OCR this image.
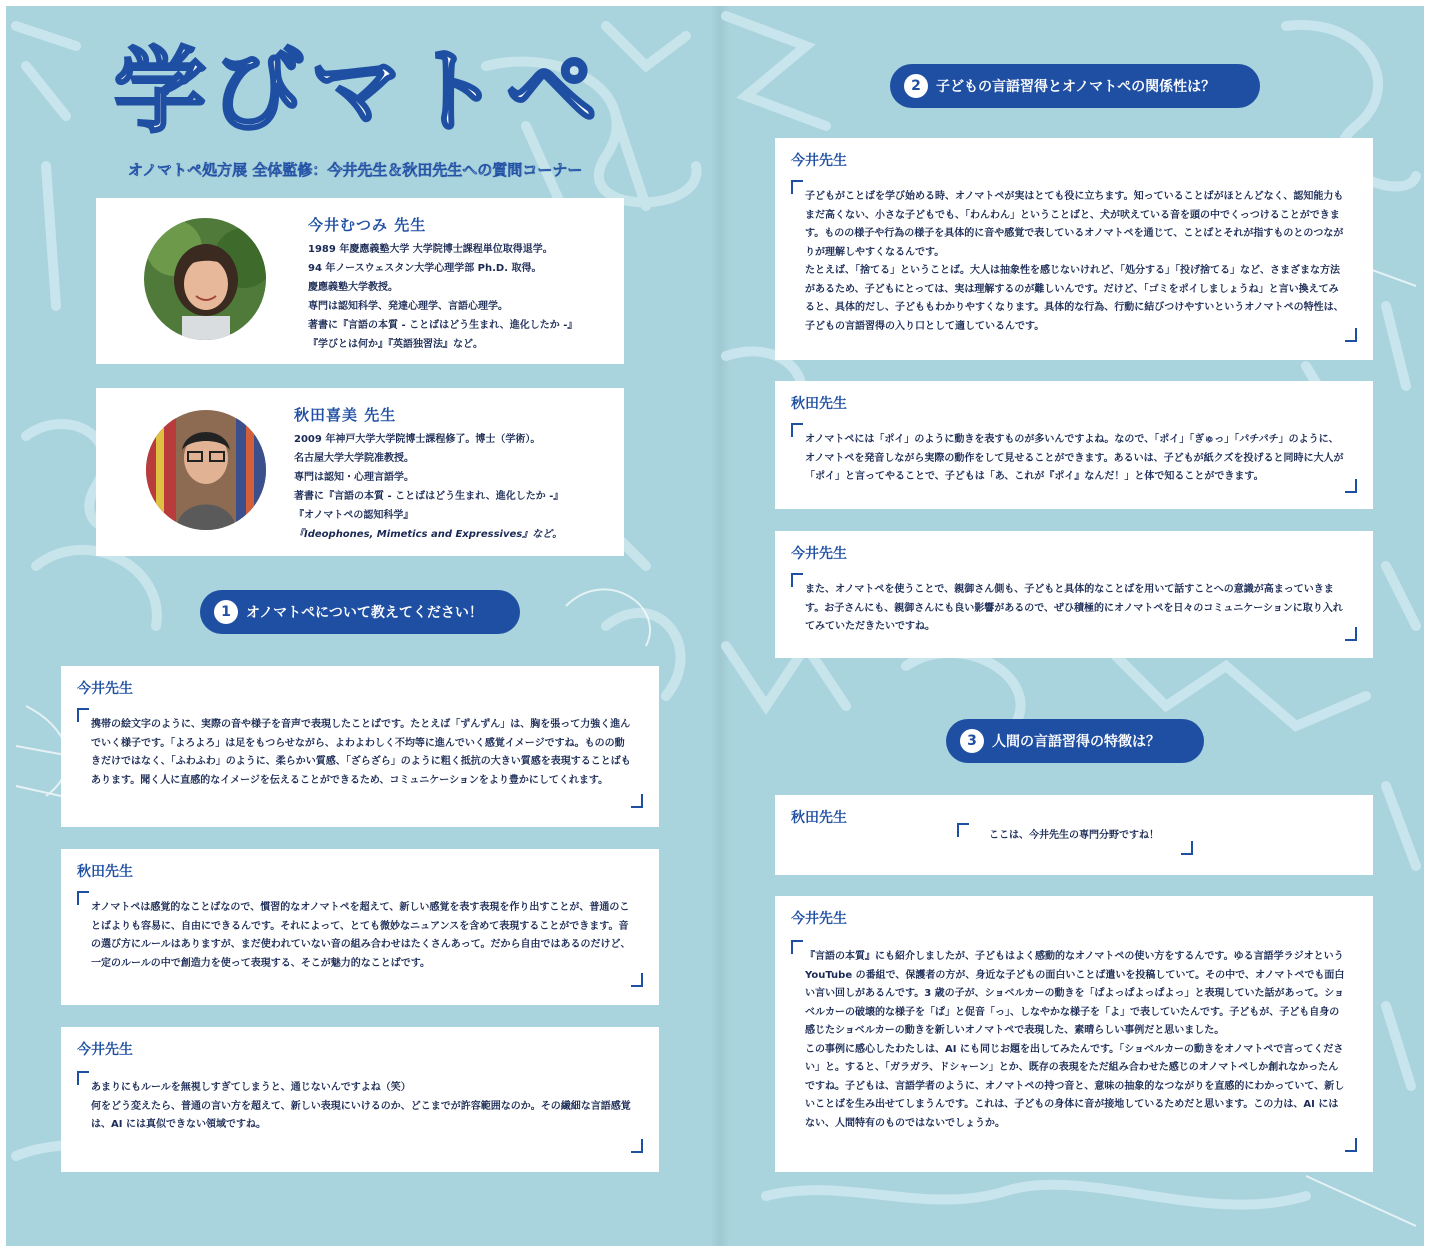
学びマトペ
オノマトペ処方展 全体監修：今井先生＆秋田先生への質問コーナー
今井むつみ 先生
1989 年慶應義塾大学 大学院博士課程単位取得退学。
94 年ノースウェスタン大学心理学部 Ph.D. 取得。
慶應義塾大学教授。
専門は認知科学、発達心理学、言語心理学。
著書に『言語の本質 - ことばはどう生まれ、進化したか -』
『学びとは何か』『英語独習法』など。
秋田喜美 先生
2009 年神戸大学大学院博士課程修了。博士（学術）。
名古屋大学大学院准教授。
専門は認知・心理言語学。
著書に『言語の本質 - ことばはどう生まれ、進化したか -』
『オノマトペの認知科学』
『Ideophones, Mimetics and Expressives』など。
1	オノマトペについて教えてください！
今井先生
携帯の絵文字のように、実際の音や様子を音声で表現したことばです。たとえば「ずんずん」は、胸を張って力強く進んでいく様子です。「よろよろ」は足をもつらせながら、よわよわしく不均等に進んでいく感覚イメージですね。ものの動きだけではなく、「ふわふわ」のように、柔らかい質感、「ざらざら」のように粗く抵抗の大きい質感を表現することばもあります。聞く人に直感的なイメージを伝えることができるため、コミュニケーションをより豊かにしてくれます。
秋田先生
オノマトペは感覚的なことばなので、慣習的なオノマトペを超えて、新しい感覚を表す表現を作り出すことが、普通のことばよりも容易に、自由にできるんです。それによって、とても微妙なニュアンスを含めて表現することができます。音の選び方にルールはありますが、まだ使われていない音の組み合わせはたくさんあって。だから自由ではあるのだけど、一定のルールの中で創造力を使って表現する、そこが魅力的なことばです。
今井先生
あまりにもルールを無視しすぎてしまうと、通じないんですよね（笑）
何をどう変えたら、普通の言い方を超えて、新しい表現にいけるのか、どこまでが許容範囲なのか。その繊細な言語感覚は、AI には真似できない領域ですね。
2	子どもの言語習得とオノマトペの関係性は？
今井先生
子どもがことばを学び始める時、オノマトペが実はとても役に立ちます。知っていることばがほとんどなく、認知能力もまだ高くない、小さな子どもでも、「わんわん」ということばと、犬が吠えている音を頭の中でくっつけることができます。ものの様子や行為の様子を具体的に音や感覚で表しているオノマトペを通じて、ことばとそれが指すものとのつながりが理解しやすくなるんです。
たとえば、「捨てる」ということば。大人は抽象性を感じないけれど、「処分する」「投げ捨てる」など、さまざまな方法があるため、子どもにとっては、実は理解するのが難しいんです。だけど、「ゴミをポイしましょうね」と言い換えてみると、具体的だし、子どももわかりやすくなります。具体的な行為、行動に結びつけやすいというオノマトペの特性は、子どもの言語習得の入り口として適しているんです。
秋田先生
オノマトペには「ポイ」のように動きを表すものが多いんですよね。なので、「ポイ」「ぎゅっ」「パチパチ」のように、オノマトペを発音しながら実際の動作をして見せることができます。あるいは、子どもが紙クズを投げると同時に大人が「ポイ」と言ってやることで、子どもは「あ、これが『ポイ』なんだ！」と体で知ることができます。
今井先生
また、オノマトペを使うことで、親御さん側も、子どもと具体的なことばを用いて話すことへの意識が高まっていきます。お子さんにも、親御さんにも良い影響があるので、ぜひ積極的にオノマトペを日々のコミュニケーションに取り入れてみていただきたいですね。
3	人間の言語習得の特徴は？
秋田先生
ここは、今井先生の専門分野ですね！
今井先生
『言語の本質』にも紹介しましたが、子どもはよく感動的なオノマトペの使い方をするんです。ゆる言語学ラジオという YouTube の番組で、保護者の方が、身近な子どもの面白いことば遣いを投稿していて。その中で、オノマトペでも面白い言い回しがあるんです。3 歳の子が、ショベルカーの動きを「ぱよっぱよっぱよっ」と表現していた話があって。ショベルカーの破壊的な様子を「ぱ」と促音「っ」、しなやかな様子を「よ」で表していたんです。子どもが、子ども自身の感じたショベルカーの動きを新しいオノマトペで表現した、素晴らしい事例だと思いました。
この事例に感心したわたしは、AI にも同じお題を出してみたんです。「ショベルカーの動きをオノマトペで言ってください」と。すると、「ガラガラ、ドシャーン」とか、既存の表現をただ組み合わせた感じのオノマトペしか創れなかったんですね。子どもは、言語学者のように、オノマトペの持つ音と、意味の抽象的なつながりを直感的にわかっていて、新しいことばを生み出せてしまうんです。これは、子どもの身体に音が接地しているためだと思います。この力は、AI にはない、人間特有のものではないでしょうか。
